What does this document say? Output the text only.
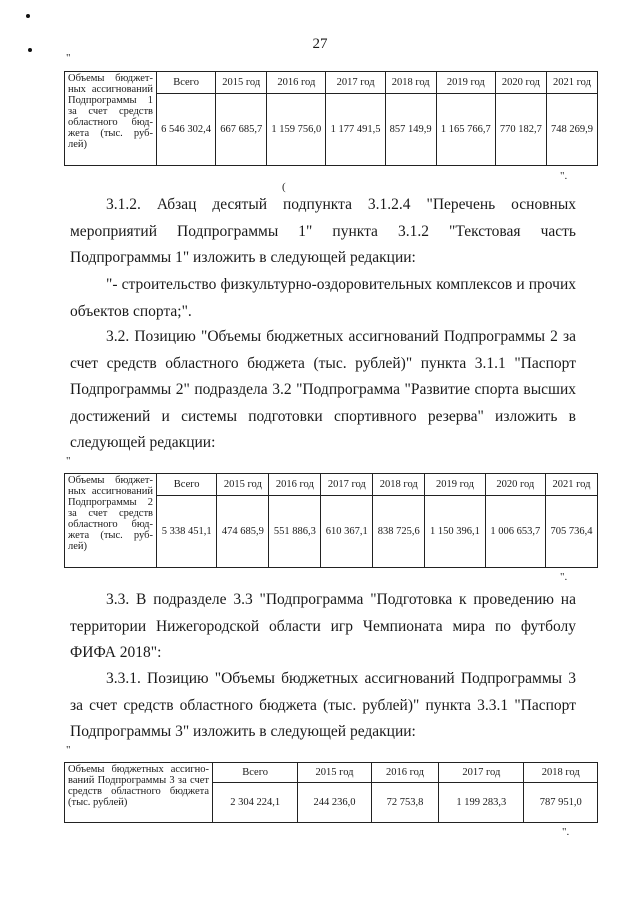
27
"
Объемы бюджет-ных ассигнований Подпрограммы 1 за счет средств областного бюд-жета (тыс. руб-лей)	Всего	2015 год	2016 год	2017 год	2018 год	2019 год	2020 год	2021 год
	6 546 302,4	667 685,7	1 159 756,0	1 177 491,5	857 149,9	1 165 766,7	770 182,7	748 269,9
".
(

3.1.2. Абзац десятый подпункта 3.1.2.4 "Перечень основных мероприятий Подпрограммы 1" пункта 3.1.2 "Текстовая часть Подпрограммы 1" изложить в следующей редакции:

"- строительство физкультурно-оздоровительных комплексов и прочих объектов спорта;".

3.2. Позицию "Объемы бюджетных ассигнований Подпрограммы 2 за счет средств областного бюджета (тыс. рублей)" пункта 3.1.1 "Паспорт Подпрограммы 2" подраздела 3.2 "Подпрограмма "Развитие спорта высших достижений и системы подготовки спортивного резерва" изложить в следующей редакции:

"
Объемы бюджет-ных ассигнований Подпрограммы 2 за счет средств областного бюд-жета (тыс. руб-лей)	Всего	2015 год	2016 год	2017 год	2018 год	2019 год	2020 год	2021 год
	5 338 451,1	474 685,9	551 886,3	610 367,1	838 725,6	1 150 396,1	1 006 653,7	705 736,4
".

3.3. В подразделе 3.3 "Подпрограмма "Подготовка к проведению на территории Нижегородской области игр Чемпионата мира по футболу ФИФА 2018":

3.3.1. Позицию "Объемы бюджетных ассигнований Подпрограммы 3 за счет средств областного бюджета (тыс. рублей)" пункта 3.3.1 "Паспорт Подпрограммы 3" изложить в следующей редакции:

"
Объемы бюджетных ассигно-ваний Подпрограммы 3 за счет средств областного бюджета (тыс. рублей)	Всего	2015 год	2016 год	2017 год	2018 год
	2 304 224,1	244 236,0	72 753,8	1 199 283,3	787 951,0
".
